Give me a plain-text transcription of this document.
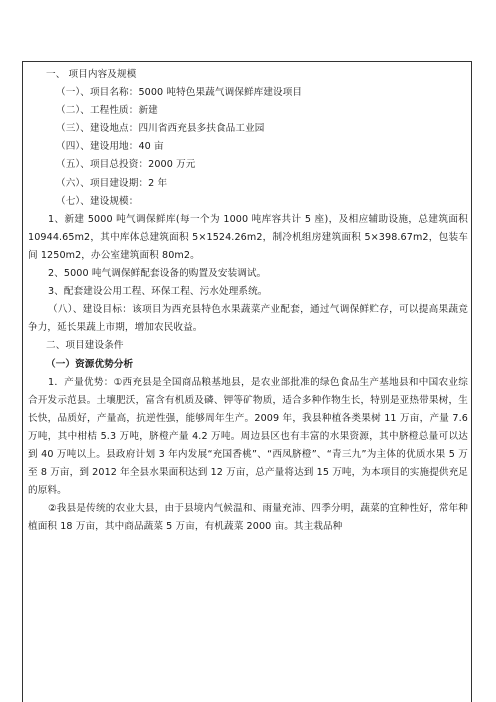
一、 项目内容及规模

（一）、项目名称：5000 吨特色果蔬气调保鲜库建设项目

（二）、工程性质：新建

（三）、建设地点：四川省西充县多扶食品工业园

（四）、建设用地：40 亩

（五）、项目总投资：2000 万元

（六）、项目建设期：2 年

（七）、建设规模：

1、新建 5000 吨气调保鲜库(每一个为 1000 吨库容共计 5 座)，及相应辅助设施，总建筑面积 10944.65m2，其中库体总建筑面积 5×1524.26m2，制冷机组房建筑面积 5×398.67m2，包装车间 1250m2，办公室建筑面积 80m2。

2、5000 吨气调保鲜配套设备的购置及安装调试。

3、配套建设公用工程、环保工程、污水处理系统。

（八）、建设目标：该项目为西充县特色水果蔬菜产业配套，通过气调保鲜贮存，可以提高果蔬竞争力，延长果蔬上市期，增加农民收益。

二、项目建设条件

（一）资源优势分析

1．产量优势：①西充县是全国商品粮基地县，是农业部批准的绿色食品生产基地县和中国农业综合开发示范县。土壤肥沃，富含有机质及磷、钾等矿物质，适合多种作物生长，特别是亚热带果树，生长快，品质好，产量高，抗逆性强，能够周年生产。2009 年，我县种植各类果树 11 万亩，产量 7.6 万吨，其中柑桔 5.3 万吨，脐橙产量 4.2 万吨。周边县区也有丰富的水果资源，其中脐橙总量可以达到 40 万吨以上。县政府计划 3 年内发展“充国香桃”、“西凤脐橙”、“青三九”为主体的优质水果 5 万至 8 万亩，到 2012 年全县水果面积达到 12 万亩，总产量将达到 15 万吨，为本项目的实施提供充足的原料。

②我县是传统的农业大县，由于县境内气候温和、雨量充沛、四季分明，蔬菜的宜种性好，常年种植面积 18 万亩，其中商品蔬菜 5 万亩，有机蔬菜 2000 亩。其主栽品种
